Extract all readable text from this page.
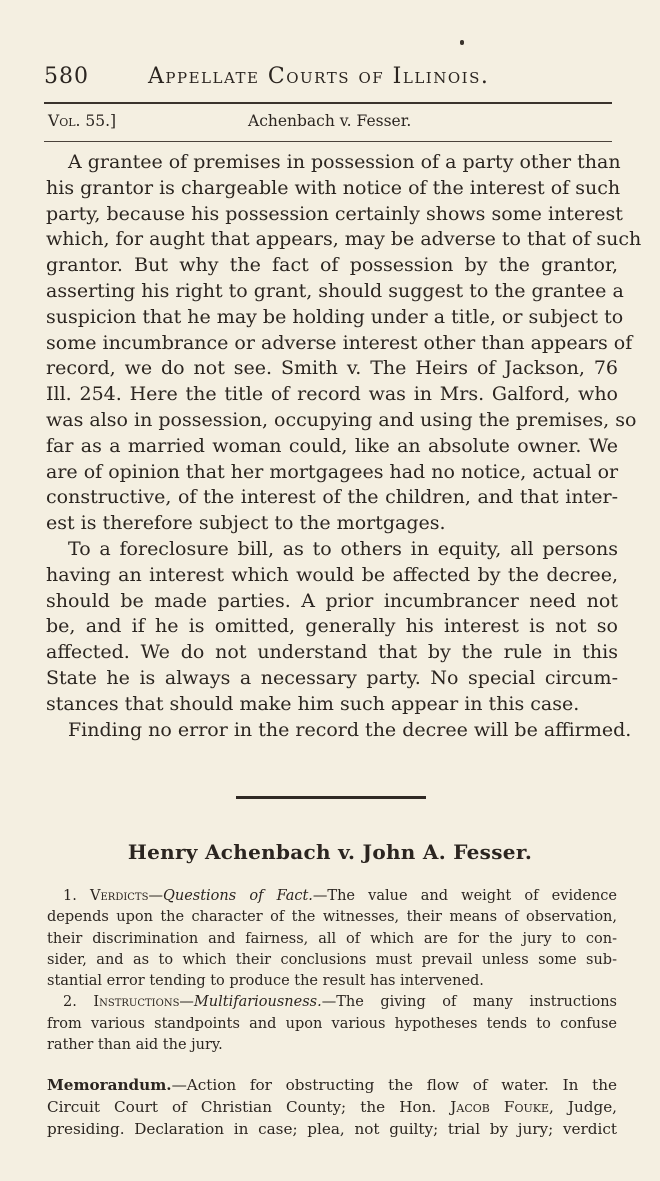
580	Appellate Courts of Illinois.
Vol. 55.]	Achenbach v. Fesser.
A grantee of premises in possession of a party other than
his grantor is chargeable with notice of the interest of such
party, because his possession certainly shows some interest
which, for aught that appears, may be adverse to that of such
grantor. But why the fact of possession by the grantor,
asserting his right to grant, should suggest to the grantee a
suspicion that he may be holding under a title, or subject to
some incumbrance or adverse interest other than appears of
record, we do not see. Smith v. The Heirs of Jackson, 76
Ill. 254. Here the title of record was in Mrs. Galford, who
was also in possession, occupying and using the premises, so
far as a married woman could, like an absolute owner. We
are of opinion that her mortgagees had no notice, actual or
constructive, of the interest of the children, and that inter-
est is therefore subject to the mortgages.
To a foreclosure bill, as to others in equity, all persons
having an interest which would be affected by the decree,
should be made parties. A prior incumbrancer need not
be, and if he is omitted, generally his interest is not so
affected. We do not understand that by the rule in this
State he is always a necessary party. No special circum-
stances that should make him such appear in this case.
Finding no error in the record the decree will be affirmed.
Henry Achenbach v. John A. Fesser.
1. Verdicts—Questions of Fact.—The value and weight of evidence
depends upon the character of the witnesses, their means of observation,
their discrimination and fairness, all of which are for the jury to con-
sider, and as to which their conclusions must prevail unless some sub-
stantial error tending to produce the result has intervened.
2. Instructions—Multifariousness.—The giving of many instructions
from various standpoints and upon various hypotheses tends to confuse
rather than aid the jury.
Memorandum.—Action for obstructing the flow of water. In the
Circuit Court of Christian County; the Hon. Jacob Fouke, Judge,
presiding. Declaration in case; plea, not guilty; trial by jury; verdict
